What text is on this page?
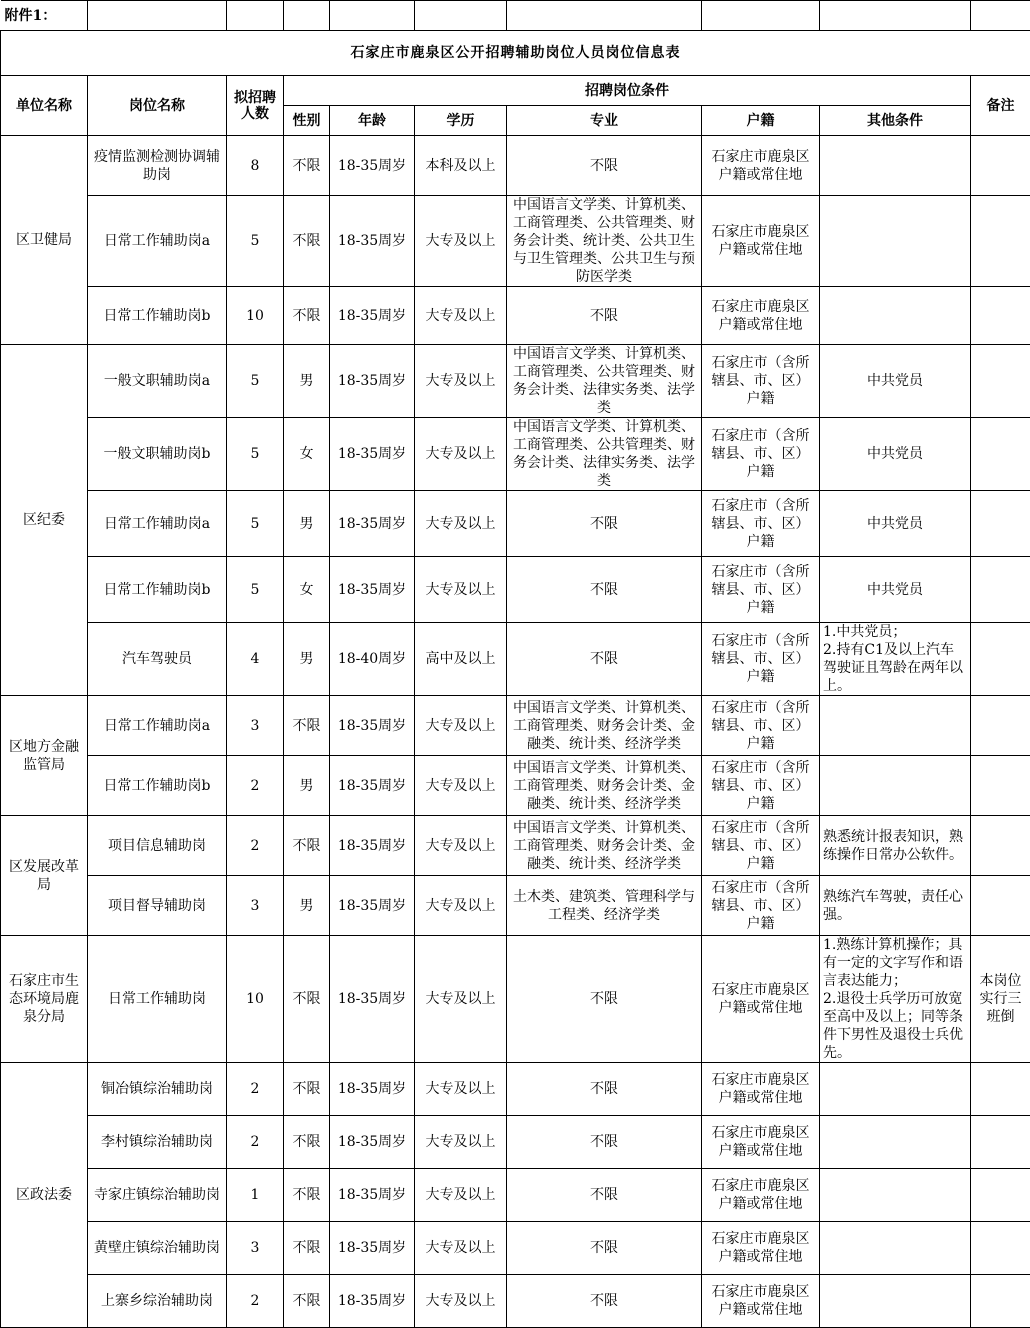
附件1：									
石家庄市鹿泉区公开招聘辅助岗位人员岗位信息表									
单位名称	岗位名称	拟招聘人数	招聘岗位条件						备注
			性别	年龄	学历	专业	户籍	其他条件	
区卫健局	疫情监测检测协调辅助岗	8	不限	18-35周岁	本科及以上	不限	石家庄市鹿泉区户籍或常住地		
	日常工作辅助岗a	5	不限	18-35周岁	大专及以上	中国语言文学类、计算机类、工商管理类、公共管理类、财务会计类、统计类、公共卫生与卫生管理类、公共卫生与预防医学类	石家庄市鹿泉区户籍或常住地		
	日常工作辅助岗b	10	不限	18-35周岁	大专及以上	不限	石家庄市鹿泉区户籍或常住地		
区纪委	一般文职辅助岗a	5	男	18-35周岁	大专及以上	中国语言文学类、计算机类、工商管理类、公共管理类、财务会计类、法律实务类、法学类	石家庄市（含所辖县、市、区）户籍	中共党员	
	一般文职辅助岗b	5	女	18-35周岁	大专及以上	中国语言文学类、计算机类、工商管理类、公共管理类、财务会计类、法律实务类、法学类	石家庄市（含所辖县、市、区）户籍	中共党员	
	日常工作辅助岗a	5	男	18-35周岁	大专及以上	不限	石家庄市（含所辖县、市、区）户籍	中共党员	
	日常工作辅助岗b	5	女	18-35周岁	大专及以上	不限	石家庄市（含所辖县、市、区）户籍	中共党员	
	汽车驾驶员	4	男	18-40周岁	高中及以上	不限	石家庄市（含所辖县、市、区）户籍	1.中共党员；
2.持有C1及以上汽车驾驶证且驾龄在两年以上。	
区地方金融监管局	日常工作辅助岗a	3	不限	18-35周岁	大专及以上	中国语言文学类、计算机类、工商管理类、财务会计类、金融类、统计类、经济学类	石家庄市（含所辖县、市、区）户籍		
	日常工作辅助岗b	2	男	18-35周岁	大专及以上	中国语言文学类、计算机类、工商管理类、财务会计类、金融类、统计类、经济学类	石家庄市（含所辖县、市、区）户籍		
区发展改革局	项目信息辅助岗	2	不限	18-35周岁	大专及以上	中国语言文学类、计算机类、工商管理类、财务会计类、金融类、统计类、经济学类	石家庄市（含所辖县、市、区）户籍	熟悉统计报表知识，熟练操作日常办公软件。	
	项目督导辅助岗	3	男	18-35周岁	大专及以上	土木类、建筑类、管理科学与工程类、经济学类	石家庄市（含所辖县、市、区）户籍	熟练汽车驾驶，责任心强。	
石家庄市生态环境局鹿泉分局	日常工作辅助岗	10	不限	18-35周岁	大专及以上	不限	石家庄市鹿泉区户籍或常住地	1.熟练计算机操作；具有一定的文字写作和语言表达能力；
2.退役士兵学历可放宽至高中及以上；同等条件下男性及退役士兵优先。	本岗位实行三班倒
区政法委	铜冶镇综治辅助岗	2	不限	18-35周岁	大专及以上	不限	石家庄市鹿泉区户籍或常住地		
	李村镇综治辅助岗	2	不限	18-35周岁	大专及以上	不限	石家庄市鹿泉区户籍或常住地		
	寺家庄镇综治辅助岗	1	不限	18-35周岁	大专及以上	不限	石家庄市鹿泉区户籍或常住地		
	黄壁庄镇综治辅助岗	3	不限	18-35周岁	大专及以上	不限	石家庄市鹿泉区户籍或常住地		
	上寨乡综治辅助岗	2	不限	18-35周岁	大专及以上	不限	石家庄市鹿泉区户籍或常住地		
